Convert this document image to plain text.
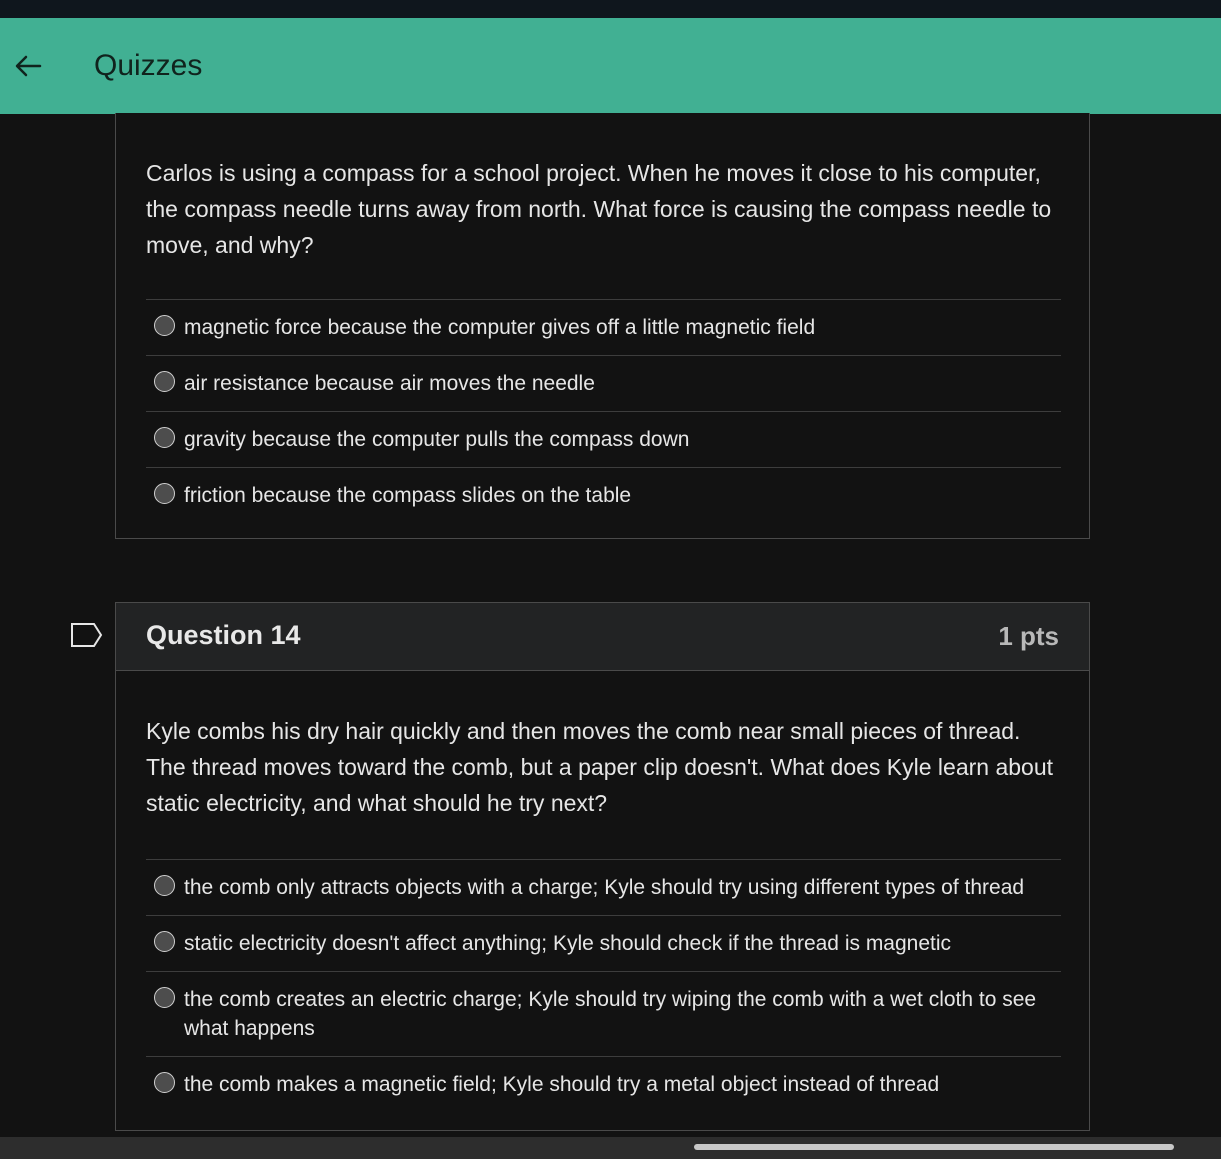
Quizzes
Carlos is using a compass for a school project. When he moves it close to his computer, the compass needle turns away from north. What force is causing the compass needle to move, and why?
magnetic force because the computer gives off a little magnetic field
air resistance because air moves the needle
gravity because the computer pulls the compass down
friction because the compass slides on the table
Question 14	1 pts
Kyle combs his dry hair quickly and then moves the comb near small pieces of thread. The thread moves toward the comb, but a paper clip doesn't. What does Kyle learn about static electricity, and what should he try next?
the comb only attracts objects with a charge; Kyle should try using different types of thread
static electricity doesn't affect anything; Kyle should check if the thread is magnetic
the comb creates an electric charge; Kyle should try wiping the comb with a wet cloth to see what happens
the comb makes a magnetic field; Kyle should try a metal object instead of thread
